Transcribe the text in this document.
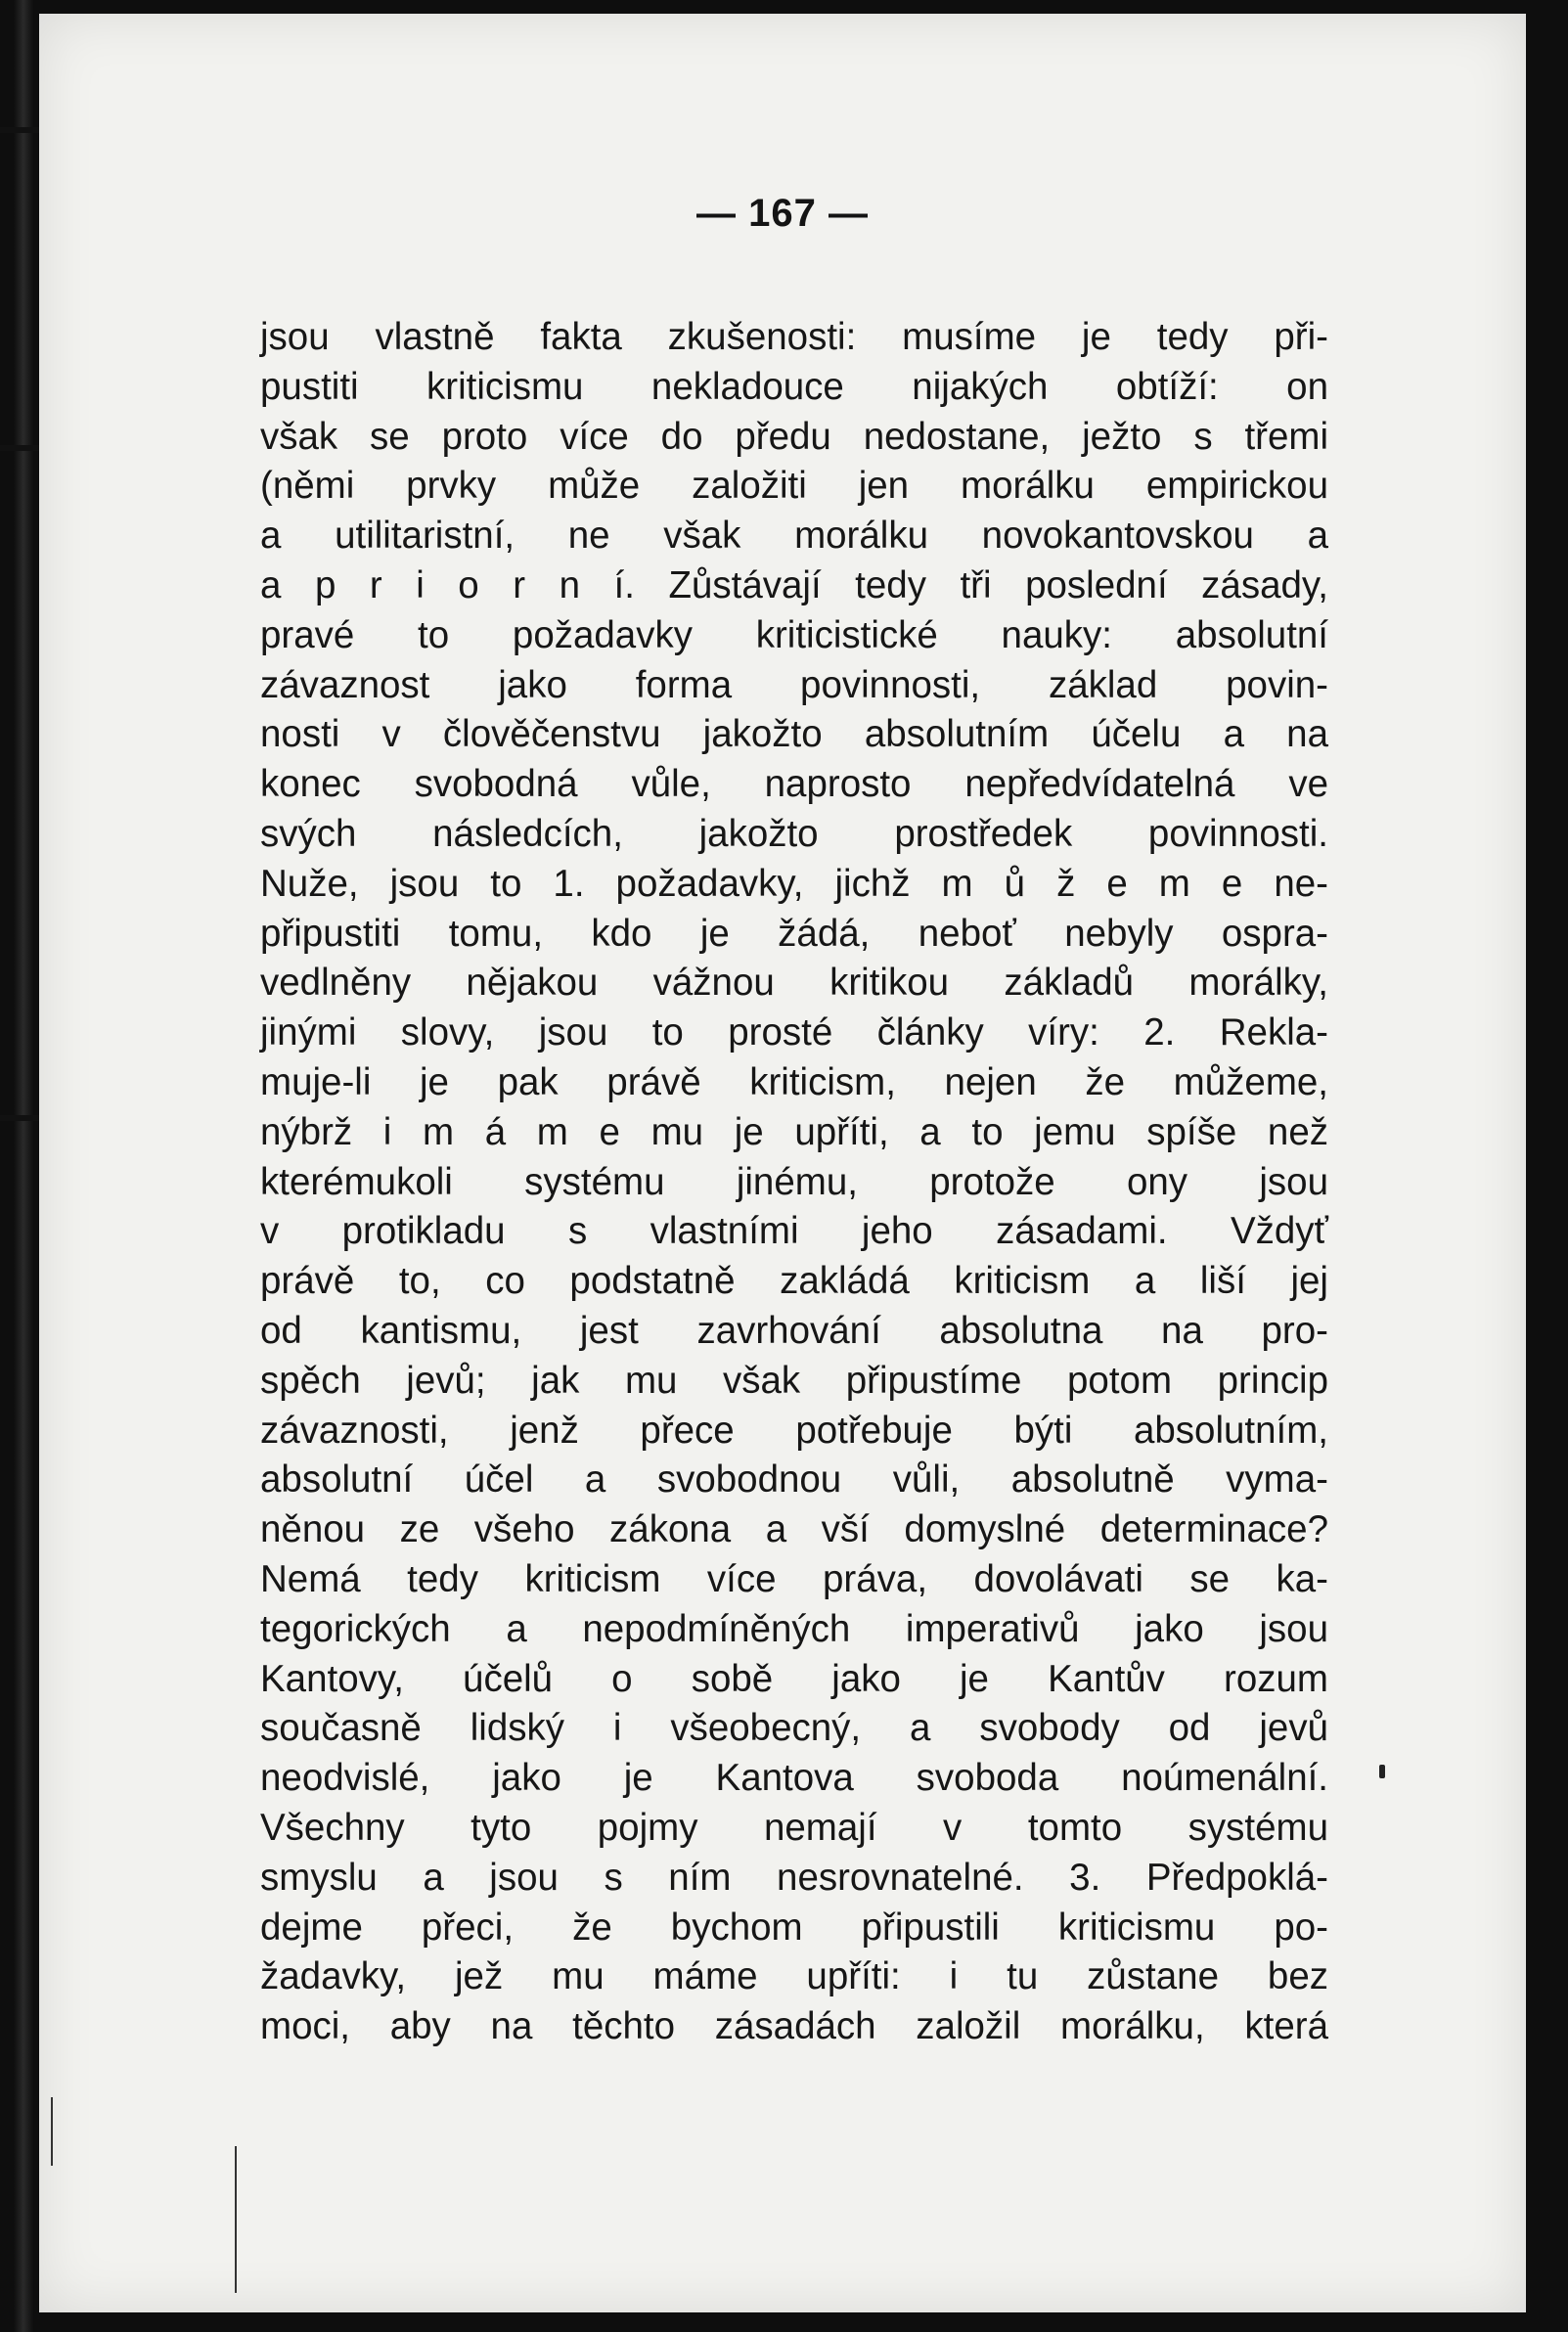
— 167 —
jsou vlastně fakta zkušenosti: musíme je tedy při-
pustiti kriticismu nekladouce nijakých obtíží: on
však se proto více do předu nedostane, ježto s třemi
(němi prvky může založiti jen morálku empirickou
a utilitaristní, ne však morálku novokantovskou a
a p r i o r n í. Zůstávají tedy tři poslední zásady,
pravé to požadavky kriticistické nauky: absolutní
závaznost jako forma povinnosti, základ povin-
nosti v člověčenstvu jakožto absolutním účelu a na
konec svobodná vůle, naprosto nepředvídatelná ve
svých následcích, jakožto prostředek povinnosti.
Nuže, jsou to 1. požadavky, jichž m ů ž e m e ne-
připustiti tomu, kdo je žádá, neboť nebyly ospra-
vedlněny nějakou vážnou kritikou základů morálky,
jinými slovy, jsou to prosté články víry: 2. Rekla-
muje-li je pak právě kriticism, nejen že můžeme,
nýbrž i m á m e mu je upříti, a to jemu spíše než
kterémukoli systému jinému, protože ony jsou
v protikladu s vlastními jeho zásadami. Vždyť
právě to, co podstatně zakládá kriticism a liší jej
od kantismu, jest zavrhování absolutna na pro-
spěch jevů; jak mu však připustíme potom princip
závaznosti, jenž přece potřebuje býti absolutním,
absolutní účel a svobodnou vůli, absolutně vyma-
něnou ze všeho zákona a vší domyslné determinace?
Nemá tedy kriticism více práva, dovolávati se ka-
tegorických a nepodmíněných imperativů jako jsou
Kantovy, účelů o sobě jako je Kantův rozum
současně lidský i všeobecný, a svobody od jevů
neodvislé, jako je Kantova svoboda noúmenální.
Všechny tyto pojmy nemají v tomto systému
smyslu a jsou s ním nesrovnatelné. 3. Předpoklá-
dejme přeci, že bychom připustili kriticismu po-
žadavky, jež mu máme upříti: i tu zůstane bez
moci, aby na těchto zásadách založil morálku, která
